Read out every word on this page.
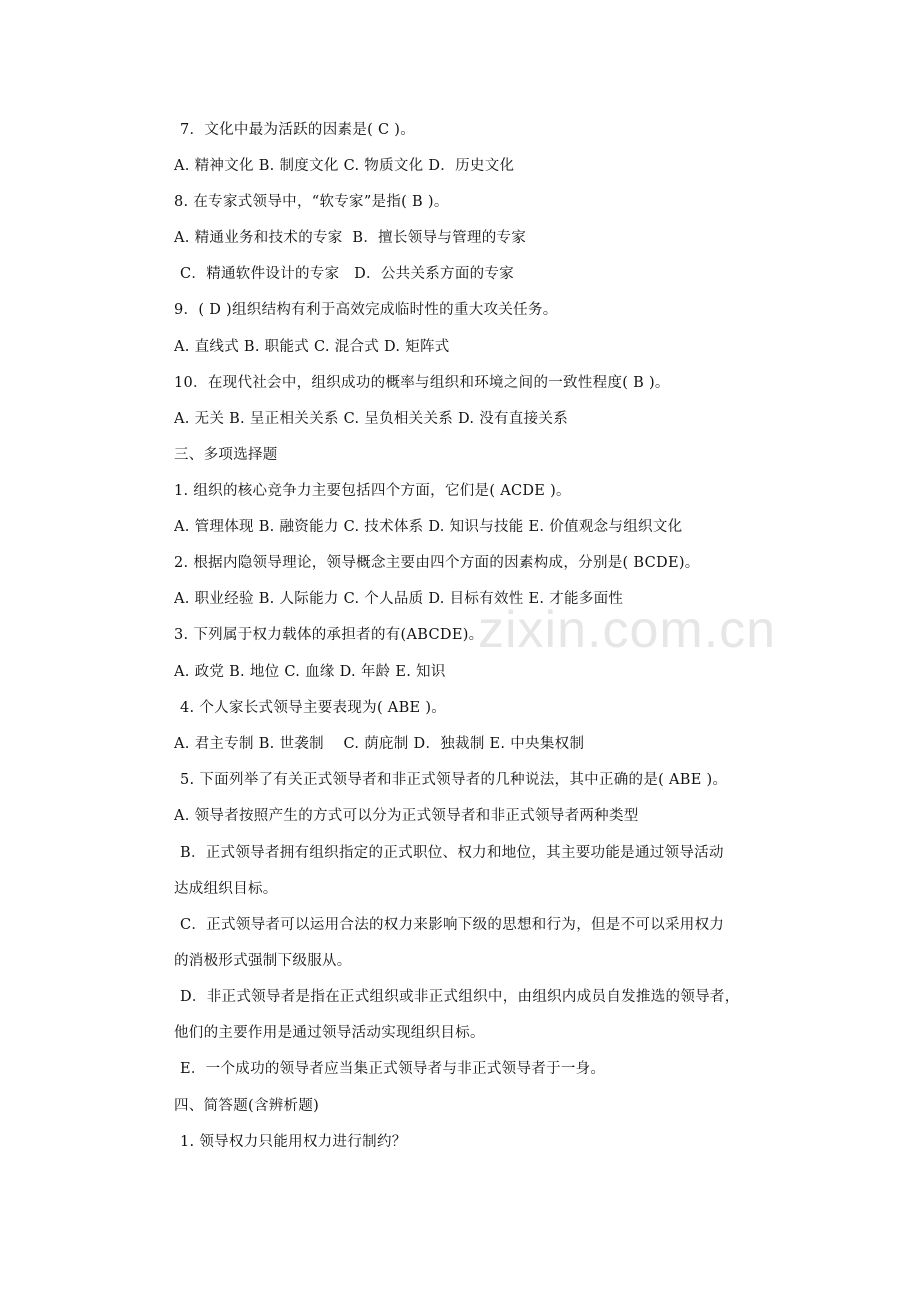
zixin.com.cn
7．文化中最为活跃的因素是( C )。
A. 精神文化 B. 制度文化 C. 物质文化 D．历史文化
8. 在专家式领导中，“软专家”是指( B )。
A. 精通业务和技术的专家  B．擅长领导与管理的专家
C．精通软件设计的专家   D．公共关系方面的专家
9．( D )组织结构有利于高效完成临时性的重大攻关任务。
A. 直线式 B. 职能式 C. 混合式 D. 矩阵式
10．在现代社会中，组织成功的概率与组织和环境之间的一致性程度( B )。
A. 无关 B. 呈正相关关系 C. 呈负相关关系 D. 没有直接关系
三、多项选择题
1. 组织的核心竞争力主要包括四个方面，它们是( ACDE )。
A. 管理体现 B. 融资能力 C. 技术体系 D. 知识与技能 E. 价值观念与组织文化
2. 根据内隐领导理论，领导概念主要由四个方面的因素构成，分别是( BCDE)。
A. 职业经验 B. 人际能力 C. 个人品质 D. 目标有效性 E. 才能多面性
3. 下列属于权力载体的承担者的有(ABCDE)。
A. 政党 B. 地位 C. 血缘 D. 年龄 E. 知识
4. 个人家长式领导主要表现为( ABE )。
A. 君主专制 B. 世袭制    C. 荫庇制 D．独裁制 E. 中央集权制
5. 下面列举了有关正式领导者和非正式领导者的几种说法，其中正确的是( ABE )。
A. 领导者按照产生的方式可以分为正式领导者和非正式领导者两种类型
B．正式领导者拥有组织指定的正式职位、权力和地位，其主要功能是通过领导活动
达成组织目标。
C．正式领导者可以运用合法的权力来影响下级的思想和行为，但是不可以采用权力
的消极形式强制下级服从。
D．非正式领导者是指在正式组织或非正式组织中，由组织内成员自发推选的领导者，
他们的主要作用是通过领导活动实现组织目标。
E．一个成功的领导者应当集正式领导者与非正式领导者于一身。
四、简答题(含辨析题)
1. 领导权力只能用权力进行制约？
